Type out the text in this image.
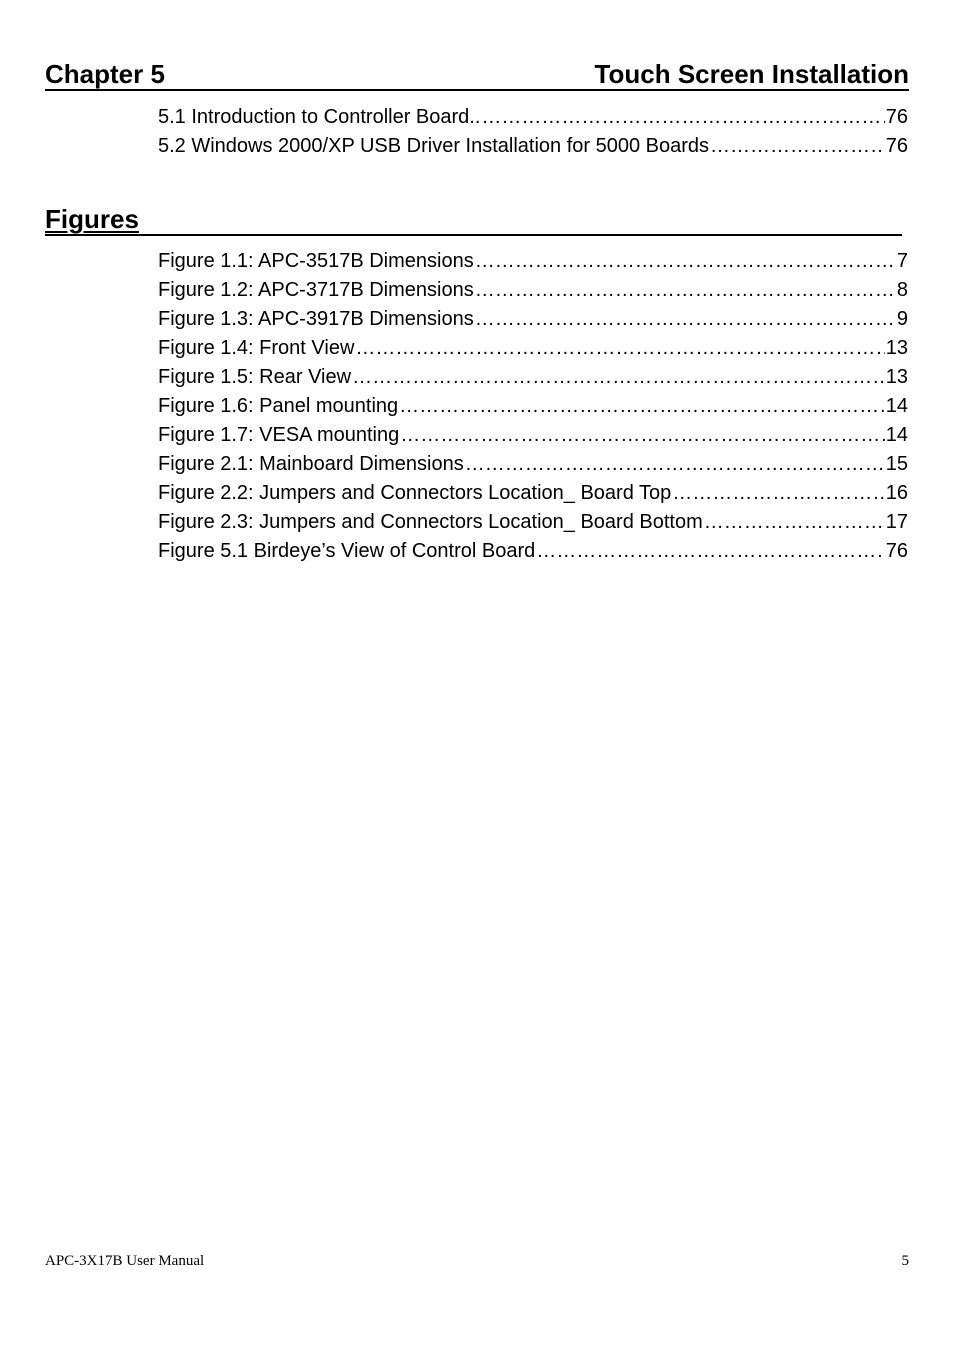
Chapter 5	Touch Screen Installation
5.1 Introduction to Controller Board.. …………………………………………………………………………………………………………………………………………………………………………………………………………………………	76
5.2 Windows 2000/XP USB Driver Installation for 5000 Boards …………………………………………………………………………………………………………………………………………………………………………………………………………………………	76
Figures
Figure 1.1: APC-3517B Dimensions …………………………………………………………………………………………………………………………………………………………………………………………………………………………	7
Figure 1.2: APC-3717B Dimensions …………………………………………………………………………………………………………………………………………………………………………………………………………………………	8
Figure 1.3: APC-3917B Dimensions …………………………………………………………………………………………………………………………………………………………………………………………………………………………	9
Figure 1.4: Front View …………………………………………………………………………………………………………………………………………………………………………………………………………………………	13
Figure 1.5: Rear View …………………………………………………………………………………………………………………………………………………………………………………………………………………………	13
Figure 1.6: Panel mounting …………………………………………………………………………………………………………………………………………………………………………………………………………………………	14
Figure 1.7: VESA mounting …………………………………………………………………………………………………………………………………………………………………………………………………………………………	14
Figure 2.1: Mainboard Dimensions …………………………………………………………………………………………………………………………………………………………………………………………………………………………	15
Figure 2.2: Jumpers and Connectors Location_ Board Top …………………………………………………………………………………………………………………………………………………………………………………………………………………………	16
Figure 2.3: Jumpers and Connectors Location_ Board Bottom …………………………………………………………………………………………………………………………………………………………………………………………………………………………	17
Figure 5.1 Birdeye’s View of Control Board …………………………………………………………………………………………………………………………………………………………………………………………………………………………	76
APC-3X17B User Manual	5
